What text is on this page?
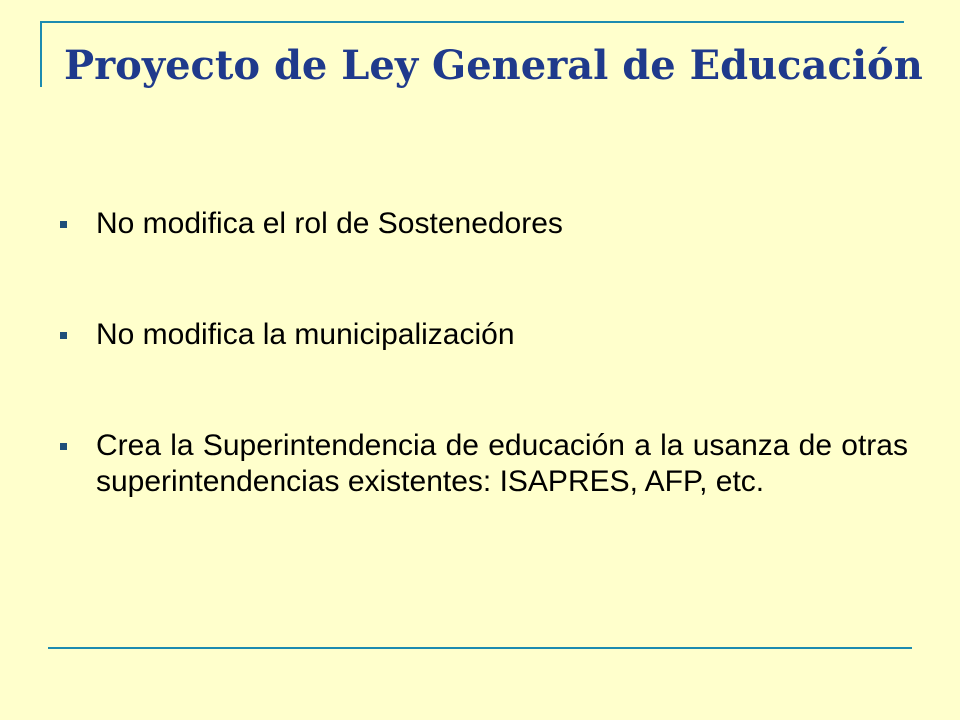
Proyecto de Ley General de Educación
No modifica el rol de Sostenedores
No modifica la municipalización
Crea la Superintendencia de educación a la usanza de otras superintendencias existentes: ISAPRES, AFP, etc.
